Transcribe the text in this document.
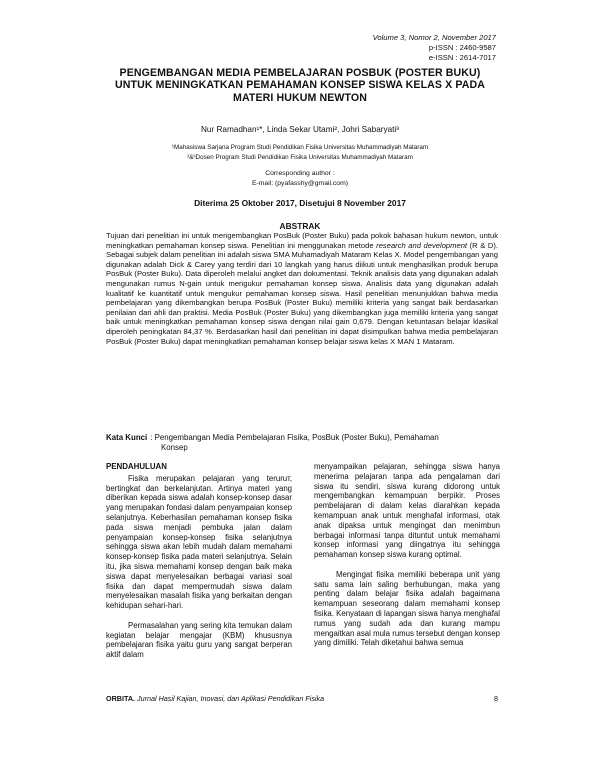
Volume 3, Nomor 2, November 2017
p-ISSN : 2460-9587
e-ISSN : 2614-7017
PENGEMBANGAN MEDIA PEMBELAJARAN POSBUK (POSTER BUKU)
UNTUK MENINGKATKAN PEMAHAMAN KONSEP SISWA KELAS X PADA
MATERI HUKUM NEWTON
Nur Ramadhan¹*, Linda Sekar Utami², Johri Sabaryati³
¹Mahasiswa Sarjana Program Studi Pendidikan Fisika Universitas Muhammadiyah Mataram
²&³Dosen Program Studi Pendidikan Fisika Universitas Muhammadiyah Mataram
Corresponding author :
E-mail: (pyafasshy@gmail.com)
Diterima 25 Oktober 2017, Disetujui 8 November 2017
ABSTRAK
Tujuan dari penelitian ini untuk mengembangkan PosBuk (Poster Buku) pada pokok bahasan hukum newton, untuk meningkatkan pemahaman konsep siswa. Penelitian ini menggunakan metode research and development (R & D). Sebagai subjek dalam penelitian ini adalah siswa SMA Muhamadiyah Mataram Kelas X. Model pengembangan yang digunakan adalah Dick & Carey yang terdiri dari 10 langkah yang harus diikuti untuk menghasilkan produk berupa PosBuk (Poster Buku). Data diperoleh melalui angket dan dokumentasi. Teknik analisis data yang digunakan adalah mengunakan rumus N-gain untuk mengukur pemahaman konsep siswa. Analisis data yang digunakan adalah kualitatif ke kuantitatif untuk mengukur pemahaman konsep siswa. Hasil penelitian menunjukkan bahwa media pembelajaran yang dikembangkan berupa PosBuk (Poster Buku) memiliki kriteria yang sangat baik berdasarkan penilaian dari ahli dan praktisi. Media PosBuk (Poster Buku) yang dikembangkan juga memiliki kriteria yang sangat baik untuk meningkatkan pemahaman konsep siswa dengan nilai gain 0,679. Dengan ketuntasan belajar klasikal diperoleh peningkatan 84,37 %. Berdasarkan hasil dari penelitian ini dapat disimpulkan bahwa media pembelajaran PosBuk (Poster Buku) dapat meningkatkan pemahaman konsep belajar siswa kelas X MAN 1 Mataram.
Kata Kunci : Pengembangan Media Pembelajaran Fisika, PosBuk (Poster Buku), Pemahaman
Konsep
PENDAHULUAN

Fisika merupakan pelajaran yang teruruт, bertingkat dan berkelanjutan. Artinya materi yang diberikan kepada siswa adalah konsep-konsep dasar yang merupakan fondasi dalam penyampaian konsep selanjutnya. Keberhasilan pemahaman konsep fisika pada siswa menjadi pembuka jalan dalam penyampaian konsep-konsep fisika selanjutnya sehingga siswa akan lebih mudah dalam memahami konsep-konsep fisika pada materi selanjutnya. Selain itu, jika siswa memahami konsep dengan baik maka siswa dapat menyelesaikan berbagai variasi soal fisika dan dapat mempermudah siswa dalam menyelesaikan masalah fisika yang berkaitan dengan kehidupan sehari-hari.

Permasalahan yang sering kita temukan dalam kegiatan belajar mengajar (KBM) khususnya pembelajaran fisika yaitu guru yang sangat berperan aktif dalam

menyampaikan pelajaran, sehingga siswa hanya menerima pelajaran tanpa ada pengalaman dari siswa itu sendiri, siswa kurang didorong untuk mengembangkan kemampuan berpikir. Proses pembelajaran di dalam kelas diarahkan kepada kemampuan anak untuk menghafal informasi, otak anak dipaksa untuk mengingat dan menimbun berbagai informasi tanpa dituntut untuk memahami konsep informasi yang diingatnya itu sehingga pemahaman konsep siswa kurang optimal.

Mengingat fisika memiliki beberapa unit yang satu sama lain saling berhubungan, maka yang penting dalam belajar fisika adalah bagaimana kemampuan seseorang dalam memahami konsep fisika. Kenyataan di lapangan siswa hanya menghafal rumus yang sudah ada dan kurang mampu mengaitkan asal mula rumus tersebut dengan konsep yang dimiliki. Telah diketahui bahwa semua

ORBITA. Jurnal Hasil Kajian, Inovasi, dan Aplikasi Pendidikan Fisika	8
